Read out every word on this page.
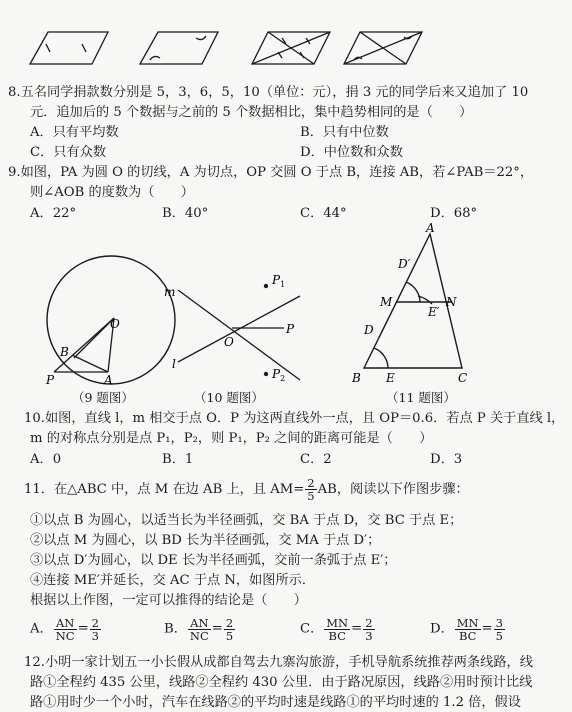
8.五名同学捐款数分别是 5，3，6，5，10（单位：元），捐 3 元的同学后来又追加了 10
元．追加后的 5 个数据与之前的 5 个数据相比，集中趋势相同的是（　　）
A．只有平均数	B．只有中位数
C．只有众数	D．中位数和众数
9.如图，PA 为圆 O 的切线，A 为切点，OP 交圆 O 于点 B，连接 AB，若∠PAB＝22°，
则∠AOB 的度数为（　　）
A．22°	B．40°	C．44°	D．68°
O
B
P	A
（9 题图）
m
l
O
P
$P_1$
$P_2$
（10 题图）
A
D′
M	N
E′
D
B E	C
（11 题图）
10.如图，直线 l，m 相交于点 O．P 为这两直线外一点，且 OP＝0.6．若点 P 关于直线 l，
m 的对称点分别是点 P₁，P₂，则 P₁，P₂ 之间的距离可能是（　　）
A．0	B．1	C．2	D．3
11．在△ABC 中，点 M 在边 AB 上，且 $AM= \frac{2}{5}$ AB，阅读以下作图步骤：
①以点 B 为圆心，以适当长为半径画弧，交 BA 于点 D，交 BC 于点 E；
②以点 M 为圆心，以 BD 长为半径画弧，交 MA 于点 D′；
③以点 D′为圆心，以 DE 长为半径画弧，交前一条弧于点 E′；
④连接 ME′并延长，交 AC 于点 N，如图所示．
根据以上作图，一定可以推得的结论是（　　）
A． $\frac{AN}{NC} = \frac{2}{3}$	B． $\frac{AN}{NC} = \frac{2}{5}$	C． $\frac{MN}{BC} = \frac{2}{3}$	D． $\frac{MN}{BC} = \frac{3}{5}$
12.小明一家计划五一小长假从成都自驾去九寨沟旅游，手机导航系统推荐两条线路，线
路①全程约 435 公里，线路②全程约 430 公里．由于路况原因，线路②用时预计比线
路①用时少一个小时，汽车在线路②的平均时速是线路①的平均时速的 1.2 倍，假设
